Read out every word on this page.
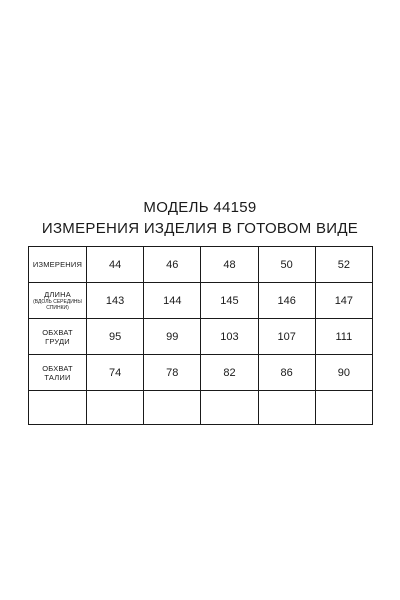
МОДЕЛЬ 44159
ИЗМЕРЕНИЯ ИЗДЕЛИЯ В ГОТОВОМ ВИДЕ
ИЗМЕРЕНИЯ	44	46	48	50	52
ДЛИНА
(ВДОЛЬ СЕРЕДИНЫ
СПИНКИ)	143	144	145	146	147

ОБХВАТ
ГРУДИ	95	99	103	107	111

ОБХВАТ
ТАЛИИ	74	78	82	86	90
